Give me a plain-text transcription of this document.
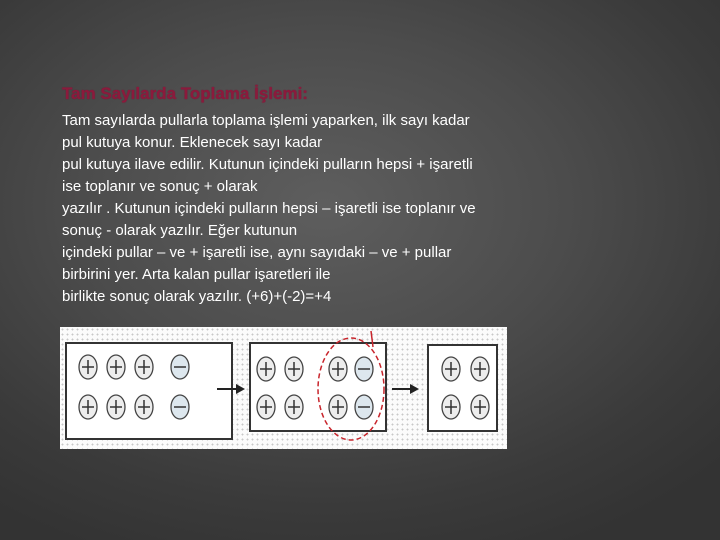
Tam Sayılarda Toplama İşlemi:
Tam sayılarda pullarla toplama işlemi yaparken, ilk sayı kadar
pul kutuya konur. Eklenecek sayı kadar
pul kutuya ilave edilir. Kutunun içindeki pulların hepsi + işaretli
ise toplanır ve sonuç + olarak
yazılır . Kutunun içindeki pulların hepsi – işaretli ise toplanır ve
sonuç - olarak yazılır. Eğer kutunun
içindeki pullar – ve + işaretli ise, aynı sayıdaki – ve + pullar
birbirini yer. Arta kalan pullar işaretleri ile
birlikte sonuç olarak yazılır. (+6)+(-2)=+4
